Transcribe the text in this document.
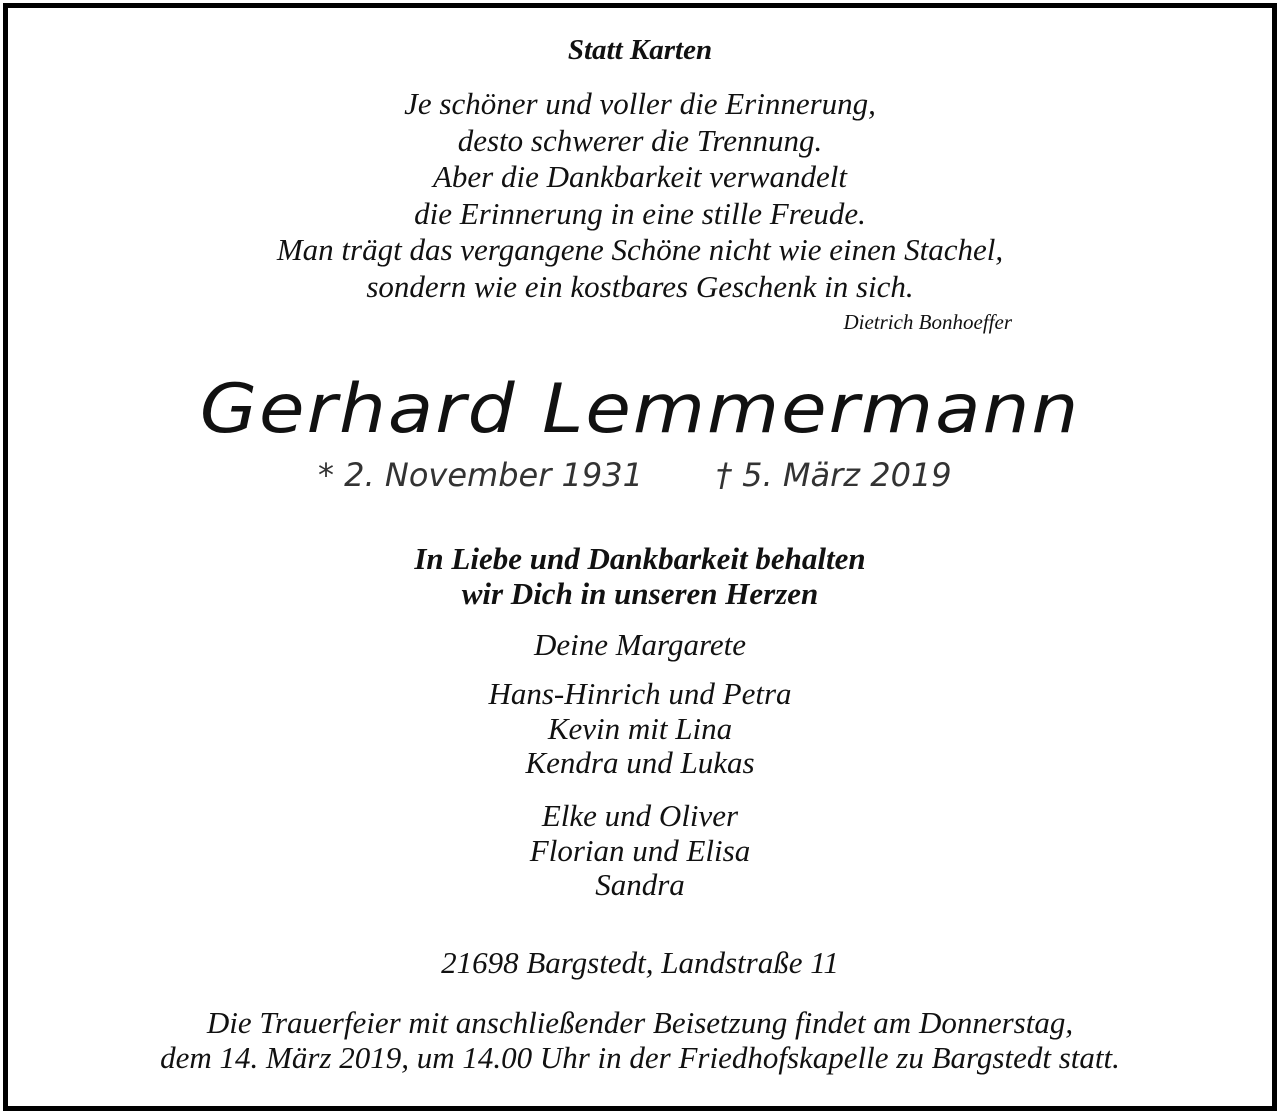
Statt Karten
Je schöner und voller die Erinnerung,
desto schwerer die Trennung.
Aber die Dankbarkeit verwandelt
die Erinnerung in eine stille Freude.
Man trägt das vergangene Schöne nicht wie einen Stachel,
sondern wie ein kostbares Geschenk in sich.
Dietrich Bonhoeffer
Gerhard Lemmermann
* 2. November 1931 † 5. März 2019
In Liebe und Dankbarkeit behalten
wir Dich in unseren Herzen
Deine Margarete
Hans-Hinrich und Petra
Kevin mit Lina
Kendra und Lukas
Elke und Oliver
Florian und Elisa
Sandra
21698 Bargstedt, Landstraße 11
Die Trauerfeier mit anschließender Beisetzung findet am Donnerstag,
dem 14. März 2019, um 14.00 Uhr in der Friedhofskapelle zu Bargstedt statt.
